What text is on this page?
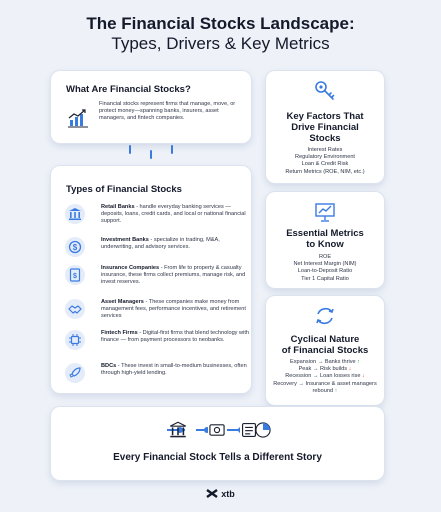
The Financial Stocks Landscape:
Types, Drivers & Key Metrics
What Are Financial Stocks?
Financial stocks represent firms that manage, move, or protect money—spanning banks, insurers, asset managers, and fintech companies.
Types of Financial Stocks
Retail Banks - handle everyday banking services — deposits, loans, credit cards, and local or national financial support.
$
Investment Banks - specialize in trading, M&A, underwriting, and advisory services.
$
Insurance Companies - From life to property & casualty insurance, these firms collect premiums, manage risk, and invest reserves.
Asset Managers - These companies make money from management fees, performance incentives, and retirement services
Fintech Firms - Digital-first firms that blend technology with finance — from payment processors to neobanks.
BDCs - These invest in small-to-medium businesses, often through high-yield lending.
Key Factors That
Drive Financial
Stocks
Interest Rates
Regulatory Environment
Loan & Credit Risk
Return Metrics (ROE, NIM, etc.)
Essential Metrics
to Know
ROE
Net Interest Margin (NIM)
Loan-to-Deposit Ratio
Tier 1 Capital Ratio
Cyclical Nature
of Financial Stocks
Expansion → Banks thrive ↑
Peak → Risk builds ↓
Recession → Loan losses rise ↓
Recovery → Insurance & asset managers rebound ↑
Every Financial Stock Tells a Different Story
xtb
